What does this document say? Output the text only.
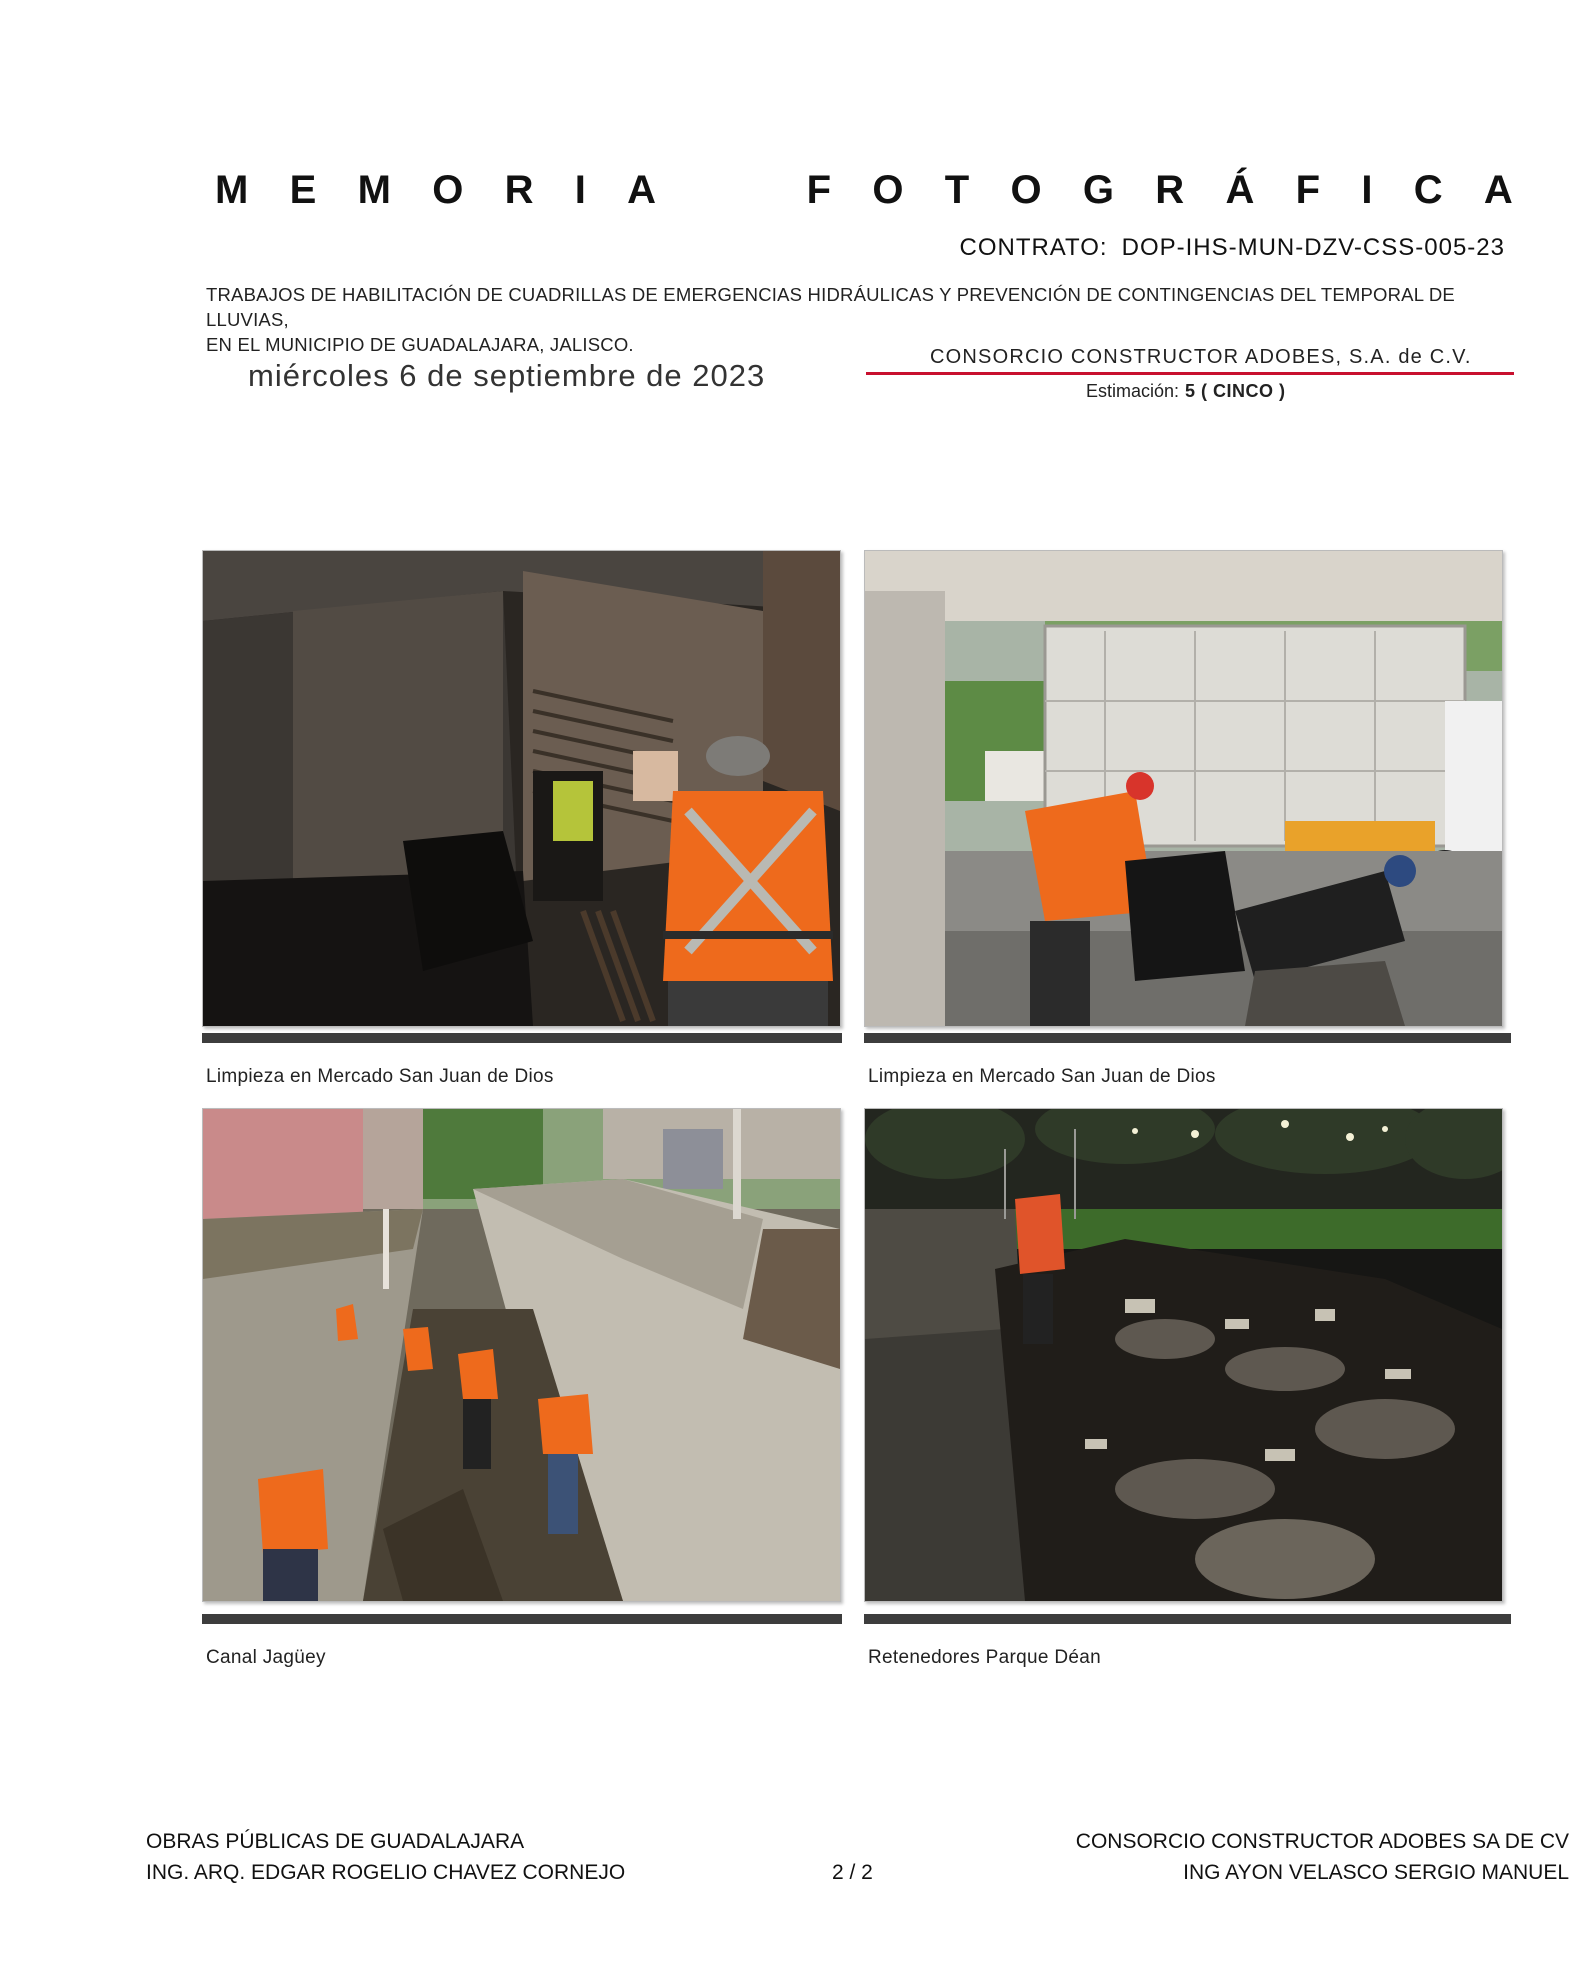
M E M O R I A	F O T O G R Á F I C A
CONTRATO: DOP-IHS-MUN-DZV-CSS-005-23
TRABAJOS DE HABILITACIÓN DE CUADRILLAS DE EMERGENCIAS HIDRÁULICAS Y PREVENCIÓN DE CONTINGENCIAS DEL TEMPORAL DE LLUVIAS,
EN EL MUNICIPIO DE GUADALAJARA, JALISCO.
miércoles 6 de septiembre de 2023
CONSORCIO CONSTRUCTOR ADOBES, S.A. de C.V.
Estimación: 5 ( CINCO )
Limpieza en Mercado San Juan de Dios	Limpieza en Mercado San Juan de Dios
Canal Jagüey	Retenedores Parque Déan
OBRAS PÚBLICAS DE GUADALAJARA
ING. ARQ. EDGAR ROGELIO CHAVEZ CORNEJO	2 / 2
CONSORCIO CONSTRUCTOR ADOBES SA DE CV
ING AYON VELASCO SERGIO MANUEL
